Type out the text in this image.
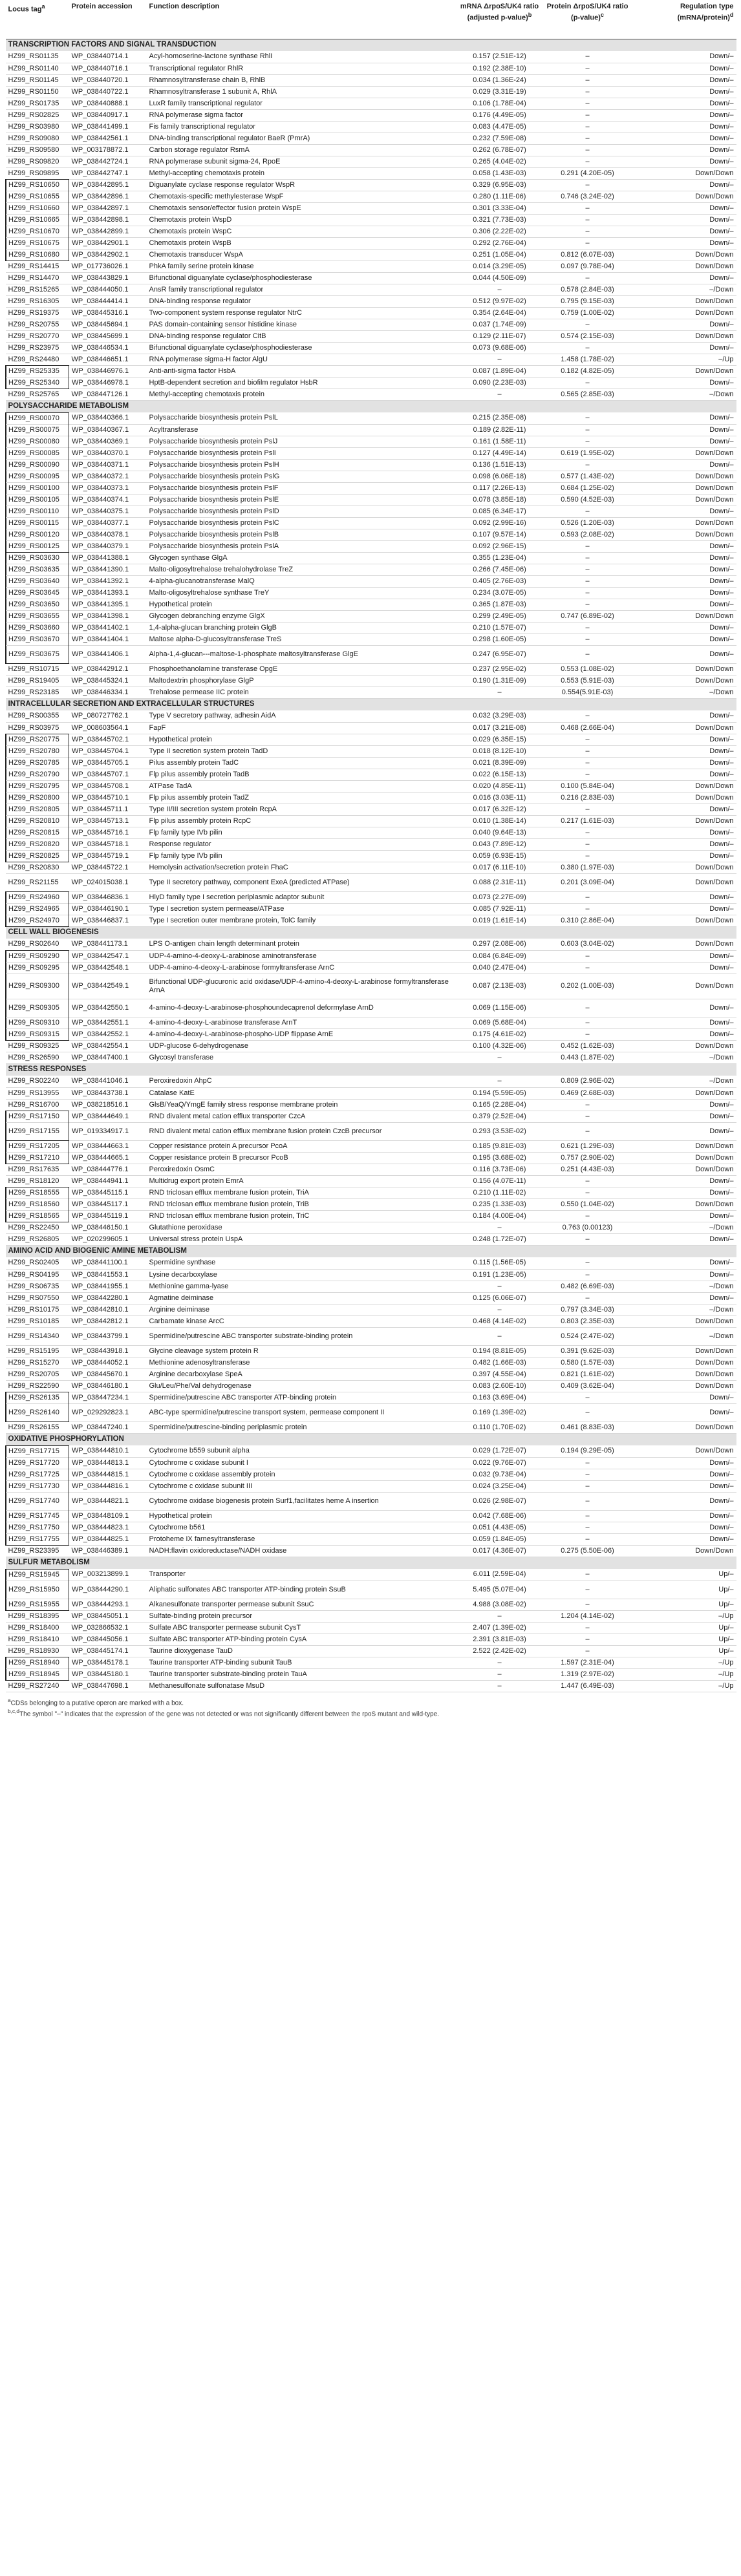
Locus tag$^a$	Protein accession	Function description	mRNA ΔrpoS/UK4 ratio (adjusted p-value)$^b$	Protein ΔrpoS/UK4 ratio (p-value)$^c$	Regulation type (mRNA/protein)$^d$
TRANSCRIPTION FACTORS AND SIGNAL TRANSDUCTION					
HZ99_RS01135	WP_038440714.1	Acyl-homoserine-lactone synthase RhlI	0.157 (2.51E-12)	–	Down/–
HZ99_RS01140	WP_038440716.1	Transcriptional regulator RhlR	0.192 (2.38E-10)	–	Down/–
HZ99_RS01145	WP_038440720.1	Rhamnosyltransferase chain B, RhlB	0.034 (1.36E-24)	–	Down/–
HZ99_RS01150	WP_038440722.1	Rhamnosyltransferase 1 subunit A, RhlA	0.029 (3.31E-19)	–	Down/–
HZ99_RS01735	WP_038440888.1	LuxR family transcriptional regulator	0.106 (1.78E-04)	–	Down/–
HZ99_RS02825	WP_038440917.1	RNA polymerase sigma factor	0.176 (4.49E-05)	–	Down/–
HZ99_RS03980	WP_038441499.1	Fis family transcriptional regulator	0.083 (4.47E-05)	–	Down/–
HZ99_RS09080	WP_038442561.1	DNA-binding transcriptional regulator BaeR (PmrA)	0.232 (7.59E-08)	–	Down/–
HZ99_RS09580	WP_003178872.1	Carbon storage regulator RsmA	0.262 (6.78E-07)	–	Down/–
HZ99_RS09820	WP_038442724.1	RNA polymerase subunit sigma-24, RpoE	0.265 (4.04E-02)	–	Down/–
HZ99_RS09895	WP_038442747.1	Methyl-accepting chemotaxis protein	0.058 (1.43E-03)	0.291 (4.20E-05)	Down/Down
HZ99_RS10650	WP_038442895.1	Diguanylate cyclase response regulator WspR	0.329 (6.95E-03)	–	Down/–
HZ99_RS10655	WP_038442896.1	Chemotaxis-specific methylesterase WspF	0.280 (1.11E-06)	0.746 (3.24E-02)	Down/Down
HZ99_RS10660	WP_038442897.1	Chemotaxis sensor/effector fusion protein WspE	0.301 (3.33E-04)	–	Down/–
HZ99_RS10665	WP_038442898.1	Chemotaxis protein WspD	0.321 (7.73E-03)	–	Down/–
HZ99_RS10670	WP_038442899.1	Chemotaxis protein WspC	0.306 (2.22E-02)	–	Down/–
HZ99_RS10675	WP_038442901.1	Chemotaxis protein WspB	0.292 (2.76E-04)	–	Down/–
HZ99_RS10680	WP_038442902.1	Chemotaxis transducer WspA	0.251 (1.05E-04)	0.812 (6.07E-03)	Down/Down
HZ99_RS14415	WP_017736026.1	PhkA family serine protein kinase	0.014 (3.29E-05)	0.097 (9.78E-04)	Down/Down
HZ99_RS14470	WP_038443829.1	Bifunctional diguanylate cyclase/phosphodiesterase	0.044 (4.50E-09)	–	Down/–
HZ99_RS15265	WP_038444050.1	AnsR family transcriptional regulator	–	0.578 (2.84E-03)	–/Down
HZ99_RS16305	WP_038444414.1	DNA-binding response regulator	0.512 (9.97E-02)	0.795 (9.15E-03)	Down/Down
HZ99_RS19375	WP_038445316.1	Two-component system response regulator NtrC	0.354 (2.64E-04)	0.759 (1.00E-02)	Down/Down
HZ99_RS20755	WP_038445694.1	PAS domain-containing sensor histidine kinase	0.037 (1.74E-09)	–	Down/–
HZ99_RS20770	WP_038445699.1	DNA-binding response regulator CitB	0.129 (2.11E-07)	0.574 (2.15E-03)	Down/Down
HZ99_RS23975	WP_038446534.1	Bifunctional diguanylate cyclase/phosphodiesterase	0.073 (9.68E-06)	–	Down/–
HZ99_RS24480	WP_038446651.1	RNA polymerase sigma-H factor AlgU	–	1.458 (1.78E-02)	–/Up
HZ99_RS25335	WP_038446976.1	Anti-anti-sigma factor HsbA	0.087 (1.89E-04)	0.182 (4.82E-05)	Down/Down
HZ99_RS25340	WP_038446978.1	HptB-dependent secretion and biofilm regulator HsbR	0.090 (2.23E-03)	–	Down/–
HZ99_RS25765	WP_038447126.1	Methyl-accepting chemotaxis protein	–	0.565 (2.85E-03)	–/Down
POLYSACCHARIDE METABOLISM					
HZ99_RS00070	WP_038440366.1	Polysaccharide biosynthesis protein PslL	0.215 (2.35E-08)	–	Down/–
HZ99_RS00075	WP_038440367.1	Acyltransferase	0.189 (2.82E-11)	–	Down/–
HZ99_RS00080	WP_038440369.1	Polysaccharide biosynthesis protein PslJ	0.161 (1.58E-11)	–	Down/–
HZ99_RS00085	WP_038440370.1	Polysaccharide biosynthesis protein PslI	0.127 (4.49E-14)	0.619 (1.95E-02)	Down/Down
HZ99_RS00090	WP_038440371.1	Polysaccharide biosynthesis protein PslH	0.136 (1.51E-13)	–	Down/–
HZ99_RS00095	WP_038440372.1	Polysaccharide biosynthesis protein PslG	0.098 (6.06E-18)	0.577 (1.43E-02)	Down/Down
HZ99_RS00100	WP_038440373.1	Polysaccharide biosynthesis protein PslF	0.117 (2.26E-13)	0.684 (1.25E-02)	Down/Down
HZ99_RS00105	WP_038440374.1	Polysaccharide biosynthesis protein PslE	0.078 (3.85E-18)	0.590 (4.52E-03)	Down/Down
HZ99_RS00110	WP_038440375.1	Polysaccharide biosynthesis protein PslD	0.085 (6.34E-17)	–	Down/–
HZ99_RS00115	WP_038440377.1	Polysaccharide biosynthesis protein PslC	0.092 (2.99E-16)	0.526 (1.20E-03)	Down/Down
HZ99_RS00120	WP_038440378.1	Polysaccharide biosynthesis protein PslB	0.107 (9.57E-14)	0.593 (2.08E-02)	Down/Down
HZ99_RS00125	WP_038440379.1	Polysaccharide biosynthesis protein PslA	0.092 (2.96E-15)	–	Down/–
HZ99_RS03630	WP_038441388.1	Glycogen synthase GlgA	0.355 (1.23E-04)	–	Down/–
HZ99_RS03635	WP_038441390.1	Malto-oligosyltrehalose trehalohydrolase TreZ	0.266 (7.45E-06)	–	Down/–
HZ99_RS03640	WP_038441392.1	4-alpha-glucanotransferase MalQ	0.405 (2.76E-03)	–	Down/–
HZ99_RS03645	WP_038441393.1	Malto-oligosyltrehalose synthase TreY	0.234 (3.07E-05)	–	Down/–
HZ99_RS03650	WP_038441395.1	Hypothetical protein	0.365 (1.87E-03)	–	Down/–
HZ99_RS03655	WP_038441398.1	Glycogen debranching enzyme GlgX	0.299 (2.49E-05)	0.747 (6.89E-02)	Down/Down
HZ99_RS03660	WP_038441402.1	1,4-alpha-glucan branching protein GlgB	0.210 (1.57E-07)	–	Down/–
HZ99_RS03670	WP_038441404.1	Maltose alpha-D-glucosyltransferase TreS	0.298 (1.60E-05)	–	Down/–
HZ99_RS03675	WP_038441406.1	Alpha-1,4-glucan---maltose-1-phosphate maltosyltransferase GlgE	0.247 (6.95E-07)	–	Down/–
HZ99_RS10715	WP_038442912.1	Phosphoethanolamine transferase OpgE	0.237 (2.95E-02)	0.553 (1.08E-02)	Down/Down
HZ99_RS19405	WP_038445324.1	Maltodextrin phosphorylase GlgP	0.190 (1.31E-09)	0.553 (5.91E-03)	Down/Down
HZ99_RS23185	WP_038446334.1	Trehalose permease IIC protein	–	0.554(5.91E-03)	–/Down
INTRACELLULAR SECRETION AND EXTRACELLULAR STRUCTURES					
HZ99_RS00355	WP_080727762.1	Type V secretory pathway, adhesin AidA	0.032 (3.29E-03)	–	Down/–
HZ99_RS03975	WP_008603564.1	FapF	0.017 (3.21E-08)	0.468 (2.66E-04)	Down/Down
HZ99_RS20775	WP_038445702.1	Hypothetical protein	0.029 (6.35E-15)	–	Down/–
HZ99_RS20780	WP_038445704.1	Type II secretion system protein TadD	0.018 (8.12E-10)	–	Down/–
HZ99_RS20785	WP_038445705.1	Pilus assembly protein TadC	0.021 (8.39E-09)	–	Down/–
HZ99_RS20790	WP_038445707.1	Flp pilus assembly protein TadB	0.022 (6.15E-13)	–	Down/–
HZ99_RS20795	WP_038445708.1	ATPase TadA	0.020 (4.85E-11)	0.100 (5.84E-04)	Down/Down
HZ99_RS20800	WP_038445710.1	Flp pilus assembly protein TadZ	0.016 (3.03E-11)	0.216 (2.83E-03)	Down/Down
HZ99_RS20805	WP_038445711.1	Type II/III secretion system protein RcpA	0.017 (6.32E-12)	–	Down/–
HZ99_RS20810	WP_038445713.1	Flp pilus assembly protein RcpC	0.010 (1.38E-14)	0.217 (1.61E-03)	Down/Down
HZ99_RS20815	WP_038445716.1	Flp family type IVb pilin	0.040 (9.64E-13)	–	Down/–
HZ99_RS20820	WP_038445718.1	Response regulator	0.043 (7.89E-12)	–	Down/–
HZ99_RS20825	WP_038445719.1	Flp family type IVb pilin	0.059 (6.93E-15)	–	Down/–
HZ99_RS20830	WP_038445722.1	Hemolysin activation/secretion protein FhaC	0.017 (6.11E-10)	0.380 (1.97E-03)	Down/Down
HZ99_RS21155	WP_024015038.1	Type II secretory pathway, component ExeA (predicted ATPase)	0.088 (2.31E-11)	0.201 (3.09E-04)	Down/Down
HZ99_RS24960	WP_038446836.1	HlyD family type I secretion periplasmic adaptor subunit	0.073 (2.27E-09)	–	Down/–
HZ99_RS24965	WP_038446190.1	Type I secretion system permease/ATPase	0.085 (7.92E-11)	–	Down/–
HZ99_RS24970	WP_038446837.1	Type I secretion outer membrane protein, TolC family	0.019 (1.61E-14)	0.310 (2.86E-04)	Down/Down
CELL WALL BIOGENESIS					
HZ99_RS02640	WP_038441173.1	LPS O-antigen chain length determinant protein	0.297 (2.08E-06)	0.603 (3.04E-02)	Down/Down
HZ99_RS09290	WP_038442547.1	UDP-4-amino-4-deoxy-L-arabinose aminotransferase	0.084 (6.84E-09)	–	Down/–
HZ99_RS09295	WP_038442548.1	UDP-4-amino-4-deoxy-L-arabinose formyltransferase ArnC	0.040 (2.47E-04)	–	Down/–
HZ99_RS09300	WP_038442549.1	Bifunctional UDP-glucuronic acid oxidase/UDP-4-amino-4-deoxy-L-arabinose formyltransferase ArnA	0.087 (2.13E-03)	0.202 (1.00E-03)	Down/Down
HZ99_RS09305	WP_038442550.1	4-amino-4-deoxy-L-arabinose-phosphoundecaprenol deformylase ArnD	0.069 (1.15E-06)	–	Down/–
HZ99_RS09310	WP_038442551.1	4-amino-4-deoxy-L-arabinose transferase ArnT	0.069 (5.68E-04)	–	Down/–
HZ99_RS09315	WP_038442552.1	4-amino-4-deoxy-L-arabinose-phospho-UDP flippase ArnE	0.175 (4.61E-02)	–	Down/–
HZ99_RS09325	WP_038442554.1	UDP-glucose 6-dehydrogenase	0.100 (4.32E-06)	0.452 (1.62E-03)	Down/Down
HZ99_RS26590	WP_038447400.1	Glycosyl transferase	–	0.443 (1.87E-02)	–/Down
STRESS RESPONSES					
HZ99_RS02240	WP_038441046.1	Peroxiredoxin AhpC	–	0.809 (2.96E-02)	–/Down
HZ99_RS13955	WP_038443738.1	Catalase KatE	0.194 (5.59E-05)	0.469 (2.68E-03)	Down/Down
HZ99_RS16700	WP_038218516.1	GlsB/YeaQ/YmgE family stress response membrane protein	0.165 (2.28E-04)	–	Down/–
HZ99_RS17150	WP_038444649.1	RND divalent metal cation efflux transporter CzcA	0.379 (2.52E-04)	–	Down/–
HZ99_RS17155	WP_019334917.1	RND divalent metal cation efflux membrane fusion protein CzcB precursor	0.293 (3.53E-02)	–	Down/–
HZ99_RS17205	WP_038444663.1	Copper resistance protein A precursor PcoA	0.185 (9.81E-03)	0.621 (1.29E-03)	Down/Down
HZ99_RS17210	WP_038444665.1	Copper resistance protein B precursor PcoB	0.195 (3.68E-02)	0.757 (2.90E-02)	Down/Down
HZ99_RS17635	WP_038444776.1	Peroxiredoxin OsmC	0.116 (3.73E-06)	0.251 (4.43E-03)	Down/Down
HZ99_RS18120	WP_038444941.1	Multidrug export protein EmrA	0.156 (4.07E-11)	–	Down/–
HZ99_RS18555	WP_038445115.1	RND triclosan efflux membrane fusion protein, TriA	0.210 (1.11E-02)	–	Down/–
HZ99_RS18560	WP_038445117.1	RND triclosan efflux membrane fusion protein, TriB	0.235 (1.33E-03)	0.550 (1.04E-02)	Down/Down
HZ99_RS18565	WP_038445119.1	RND triclosan efflux membrane fusion protein, TriC	0.184 (4.00E-04)	–	Down/–
HZ99_RS22450	WP_038446150.1	Glutathione peroxidase	–	0.763 (0.00123)	–/Down
HZ99_RS26805	WP_020299605.1	Universal stress protein UspA	0.248 (1.72E-07)	–	Down/–
AMINO ACID AND BIOGENIC AMINE METABOLISM					
HZ99_RS02405	WP_038441100.1	Spermidine synthase	0.115 (1.56E-05)	–	Down/–
HZ99_RS04195	WP_038441553.1	Lysine decarboxylase	0.191 (1.23E-05)	–	Down/–
HZ99_RS06735	WP_038441955.1	Methionine gamma-lyase	–	0.482 (6.69E-03)	–/Down
HZ99_RS07550	WP_038442280.1	Agmatine deiminase	0.125 (6.06E-07)	–	Down/–
HZ99_RS10175	WP_038442810.1	Arginine deiminase	–	0.797 (3.34E-03)	–/Down
HZ99_RS10185	WP_038442812.1	Carbamate kinase ArcC	0.468 (4.14E-02)	0.803 (2.35E-03)	Down/Down
HZ99_RS14340	WP_038443799.1	Spermidine/putrescine ABC transporter substrate-binding protein	–	0.524 (2.47E-02)	–/Down
HZ99_RS15195	WP_038443918.1	Glycine cleavage system protein R	0.194 (8.81E-05)	0.391 (9.62E-03)	Down/Down
HZ99_RS15270	WP_038444052.1	Methionine adenosyltransferase	0.482 (1.66E-03)	0.580 (1.57E-03)	Down/Down
HZ99_RS20705	WP_038445670.1	Arginine decarboxylase SpeA	0.397 (4.55E-04)	0.821 (1.61E-02)	Down/Down
HZ99_RS22590	WP_038446180.1	Glu/Leu/Phe/Val dehydrogenase	0.083 (2.60E-10)	0.409 (3.62E-04)	Down/Down
HZ99_RS26135	WP_038447234.1	Spermidine/putrescine ABC transporter ATP-binding protein	0.163 (3.69E-04)	–	Down/–
HZ99_RS26140	WP_029292823.1	ABC-type spermidine/putrescine transport system, permease component II	0.169 (1.39E-02)	–	Down/–
HZ99_RS26155	WP_038447240.1	Spermidine/putrescine-binding periplasmic protein	0.110 (1.70E-02)	0.461 (8.83E-03)	Down/Down
OXIDATIVE PHOSPHORYLATION					
HZ99_RS17715	WP_038444810.1	Cytochrome b559 subunit alpha	0.029 (1.72E-07)	0.194 (9.29E-05)	Down/Down
HZ99_RS17720	WP_038444813.1	Cytochrome c oxidase subunit I	0.022 (9.76E-07)	–	Down/–
HZ99_RS17725	WP_038444815.1	Cytochrome c oxidase assembly protein	0.032 (9.73E-04)	–	Down/–
HZ99_RS17730	WP_038444816.1	Cytochrome c oxidase subunit III	0.024 (3.25E-04)	–	Down/–
HZ99_RS17740	WP_038444821.1	Cytochrome oxidase biogenesis protein Surf1,facilitates heme A insertion	0.026 (2.98E-07)	–	Down/–
HZ99_RS17745	WP_038448109.1	Hypothetical protein	0.042 (7.68E-06)	–	Down/–
HZ99_RS17750	WP_038444823.1	Cytochrome b561	0.051 (4.43E-05)	–	Down/–
HZ99_RS17755	WP_038444825.1	Protoheme IX farnesyltransferase	0.059 (1.84E-05)	–	Down/–
HZ99_RS23395	WP_038446389.1	NADH:flavin oxidoreductase/NADH oxidase	0.017 (4.36E-07)	0.275 (5.50E-06)	Down/Down
SULFUR METABOLISM					
HZ99_RS15945	WP_003213899.1	Transporter	6.011 (2.59E-04)	–	Up/–
HZ99_RS15950	WP_038444290.1	Aliphatic sulfonates ABC transporter ATP-binding protein SsuB	5.495 (5.07E-04)	–	Up/–
HZ99_RS15955	WP_038444293.1	Alkanesulfonate transporter permease subunit SsuC	4.988 (3.08E-02)	–	Up/–
HZ99_RS18395	WP_038445051.1	Sulfate-binding protein precursor	–	1.204 (4.14E-02)	–/Up
HZ99_RS18400	WP_032866532.1	Sulfate ABC transporter permease subunit CysT	2.407 (1.39E-02)	–	Up/–
HZ99_RS18410	WP_038445056.1	Sulfate ABC transporter ATP-binding protein CysA	2.391 (3.81E-03)	–	Up/–
HZ99_RS18930	WP_038445174.1	Taurine dioxygenase TauD	2.522 (2.42E-02)	–	Up/–
HZ99_RS18940	WP_038445178.1	Taurine transporter ATP-binding subunit TauB	–	1.597 (2.31E-04)	–/Up
HZ99_RS18945	WP_038445180.1	Taurine transporter substrate-binding protein TauA	–	1.319 (2.97E-02)	–/Up
HZ99_RS27240	WP_038447698.1	Methanesulfonate sulfonatase MsuD	–	1.447 (6.49E-03)	–/Up
$^a$CDSs belonging to a putative operon are marked with a box.
$^{b,c,d}$The symbol "–" indicates that the expression of the gene was not detected or was not significantly different between the rpoS mutant and wild-type.
